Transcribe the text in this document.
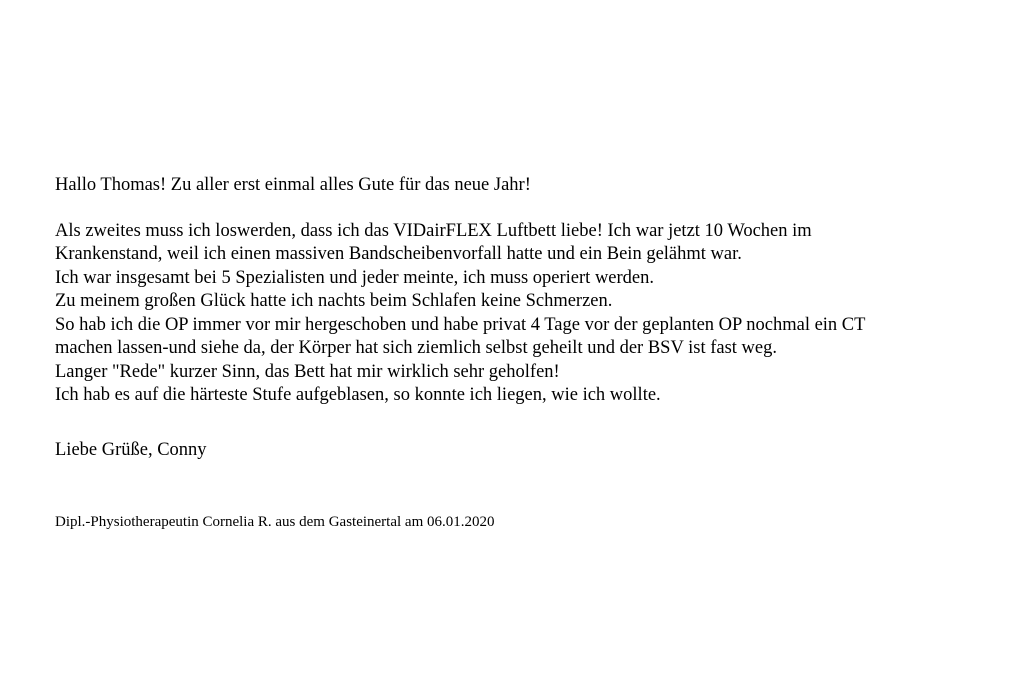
Hallo Thomas! Zu aller erst einmal alles Gute für das neue Jahr!
Als zweites muss ich loswerden, dass ich das VIDairFLEX Luftbett liebe! Ich war jetzt 10 Wochen im
Krankenstand, weil ich einen massiven Bandscheibenvorfall hatte und ein Bein gelähmt war.
Ich war insgesamt bei 5 Spezialisten und jeder meinte, ich muss operiert werden.
Zu meinem großen Glück hatte ich nachts beim Schlafen keine Schmerzen.
So hab ich die OP immer vor mir hergeschoben und habe privat 4 Tage vor der geplanten OP nochmal ein CT
machen lassen-und siehe da, der Körper hat sich ziemlich selbst geheilt und der BSV ist fast weg.
Langer "Rede" kurzer Sinn, das Bett hat mir wirklich sehr geholfen!
Ich hab es auf die härteste Stufe aufgeblasen, so konnte ich liegen, wie ich wollte.
Liebe Grüße, Conny
Dipl.-Physiotherapeutin Cornelia R. aus dem Gasteinertal am 06.01.2020
